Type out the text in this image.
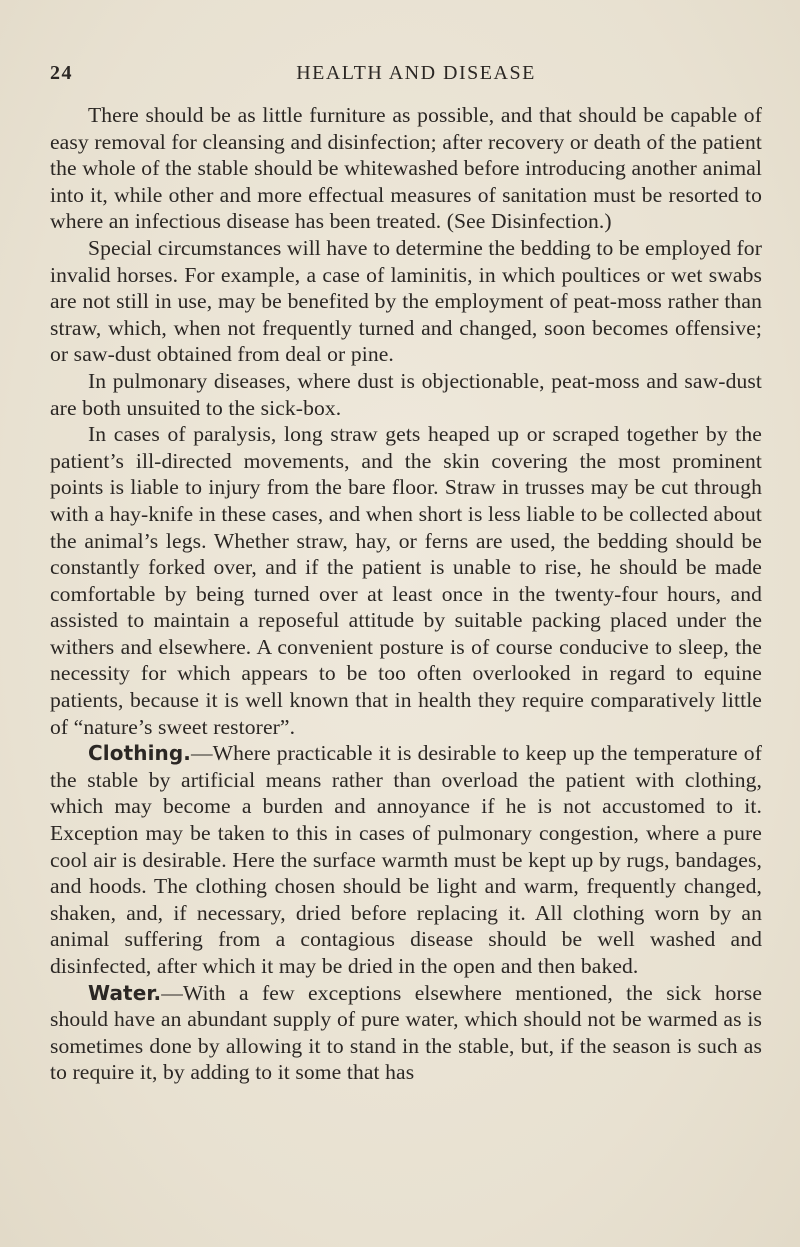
24	HEALTH AND DISEASE

There should be as little furniture as possible, and that should be capable of easy removal for cleansing and disinfection; after recovery or death of the patient the whole of the stable should be whitewashed before introducing another animal into it, while other and more effectual measures of sanitation must be resorted to where an infectious disease has been treated. (See Disinfection.)

Special circumstances will have to determine the bedding to be employed for invalid horses. For example, a case of laminitis, in which poultices or wet swabs are not still in use, may be benefited by the employment of peat-moss rather than straw, which, when not frequently turned and changed, soon becomes offensive; or saw-dust obtained from deal or pine.

In pulmonary diseases, where dust is objectionable, peat-moss and saw-dust are both unsuited to the sick-box.

In cases of paralysis, long straw gets heaped up or scraped together by the patient’s ill-directed movements, and the skin covering the most prominent points is liable to injury from the bare floor. Straw in trusses may be cut through with a hay-knife in these cases, and when short is less liable to be collected about the animal’s legs. Whether straw, hay, or ferns are used, the bedding should be constantly forked over, and if the patient is unable to rise, he should be made comfortable by being turned over at least once in the twenty-four hours, and assisted to maintain a reposeful attitude by suitable packing placed under the withers and elsewhere. A convenient posture is of course conducive to sleep, the necessity for which appears to be too often overlooked in regard to equine patients, because it is well known that in health they require comparatively little of “nature’s sweet restorer”.

Clothing.—Where practicable it is desirable to keep up the temperature of the stable by artificial means rather than overload the patient with clothing, which may become a burden and annoyance if he is not accustomed to it. Exception may be taken to this in cases of pulmonary congestion, where a pure cool air is desirable. Here the surface warmth must be kept up by rugs, bandages, and hoods. The clothing chosen should be light and warm, frequently changed, shaken, and, if necessary, dried before replacing it. All clothing worn by an animal suffering from a contagious disease should be well washed and disinfected, after which it may be dried in the open and then baked.

Water.—With a few exceptions elsewhere mentioned, the sick horse should have an abundant supply of pure water, which should not be warmed as is sometimes done by allowing it to stand in the stable, but, if the season is such as to require it, by adding to it some that has
